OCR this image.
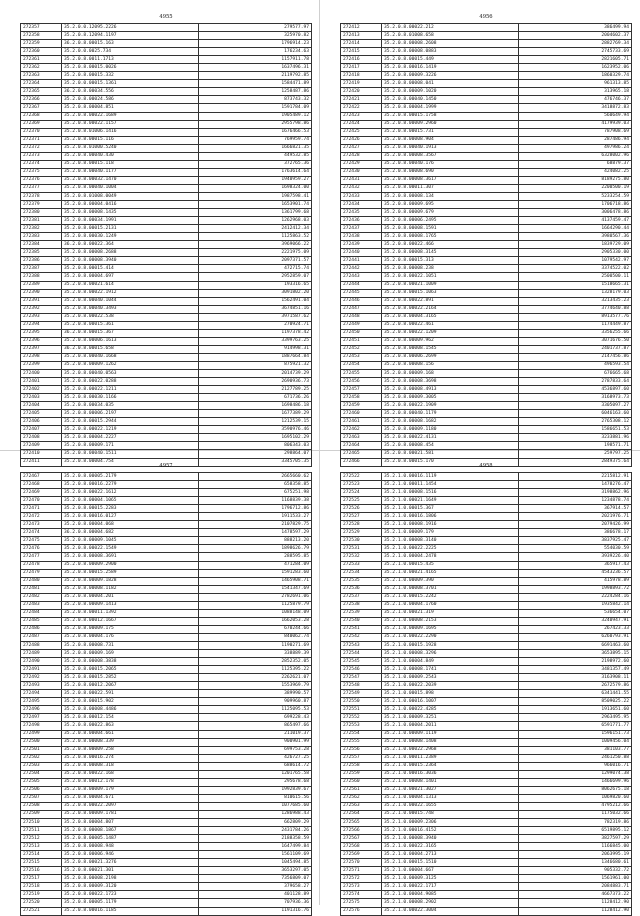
4955
272357	35.2.0.0.12095.2226	279577.97
272358	35.2.0.8.12094.1197	325970.82
272359	36.2.0.8.00015.163	1796914.23
272360	35.2.0.0.0025.734	176234.63
272361	35.2.0.8.0011.1713	1157911.78
272362	35.2.0.8.00015.0026	1637496.31
272363	35.2.0.8.00015.332	2119792.85
272364	35.2.0.0.00015.1361	1584471.89
272365	36.2.0.8.00034.556	1258487.86
272366	35.2.0.8.00024.586	873743.32
272367	35.2.0.8.00004.851	1591784.09
272368	35.2.0.8.00022.1689	1905489.12
272369	35.2.0.8.00022.1157	2955798.86
272370	35.2.0.8.01006.1416	1676466.53
272371	35.2.0.8.00015.116	769959.74
272372	35.2.0.8.01000.5240	1666821.35
272373	35.2.0.8.00040.430	449532.85
272374	35.2.0.8.00015.118	372765.36
272375	35.2.0.8.00040.1177	1763614.64
272376	35.2.0.8.00032.1470	1940959.27
272377	35.2.0.8.00040.1004	1698324.00
272378	35.2.0.8.01008.0049	1987598.41
272379	35.2.0.8.00004.0416	1653901.74
272380	35.2.0.8.00008.1435	1361799.68
272381	35.2.0.8.00034.1991	1262968.03
272382	35.2.0.8.00015.2131	2412412.34
272383	35.2.0.8.00030.1249	1125863.52
272384	36.2.0.8.00022.364	3969066.22
272385	35.2.0.8.00008.2688	2221975.09
272386	35.2.0.8.00008.3940	2097371.57
272387	35.2.0.8.00015.414	472715.74
272388	35.2.0.8.00004.697	2952859.07
272389	35.2.0.8.00021.614	193316.65
272390	35.2.0.8.00022.1912	3091802.20
272391	35.2.0.8.00040.1044	1562491.04
272392	35.2.0.8.00040.3493	3674851.16
272393	35.2.0.8.00022.538	3971587.62
272394	35.2.0.8.00015.361	270924.71
272395	36.2.0.8.00015.367	1197378.42
272396	35.2.0.8.00006.1613	3399763.25
272397	36.2.0.8.00015.658	914998.31
272398	35.2.0.8.00040.1668	1887664.84
272399	35.2.0.8.00009.1262	875921.32
272400	35.2.0.8.00040.0563	2014739.29
272401	35.2.0.8.00022.0288	2690936.73
272402	35.2.0.8.00022.1211	2127789.25
272403	35.2.0.8.00030.1166	671736.26
272404	35.2.0.8.00034.035	1698486.18
272405	35.2.0.8.00006.2197	1677389.29
272406	35.2.0.8.00015.2944	1212539.15
272407	35.2.0.8.00022.1219	3590976.46
272408	35.2.0.8.00004.2227	1695102.29
272409	35.2.0.8.00009.171	806343.03
272410	35.2.0.8.00040.1511	298864.07
272411	35.2.0.8.00004.754	3345705.35
4956
272412	35.2.0.8.00022.212	386499.94
272413	35.2.0.8.01008.658	2004602.37
272414	35.2.0.8.00008.2608	2882769.34
272415	35.2.0.8.00008.0883	2745733.69
272416	35.2.0.8.00015.449	2821605.71
272417	35.2.0.8.00016.1419	1623952.06
272418	35.2.0.8.00009.3226	1860329.74
272419	35.2.0.8.00008.041	961313.85
272420	35.2.0.8.00009.1020	313965.18
272421	35.2.0.8.00040.1450	476746.37
272422	35.2.0.8.00004.1999	3418872.83
272423	35.2.0.8.00015.1758	560649.94
272424	35.2.0.8.00009.2960	4179939.03
272425	35.2.0.8.00015.731	787908.69
272426	35.2.0.8.00008.904	287486.94
272427	35.2.0.8.00040.1913	497986.24
272428	35.2.0.8.00008.3567	6328002.96
272429	35.2.0.8.00040.176	68879.37
272430	35.2.0.8.00008.690	424082.25
272431	35.2.0.8.00008.3617	8189275.80
272432	35.2.0.8.00011.307	2200500.19
272433	35.2.0.8.00008.134	5233254.59
272434	35.2.0.8.00009.695	1706718.86
272435	35.2.0.8.00009.679	3006478.86
272436	35.2.0.8.00006.2495	4137459.47
272437	35.2.0.8.00008.1591	1664290.44
272438	35.2.0.8.00008.1765	3980567.36
272439	35.2.0.8.00022.466	1839729.09
272440	35.2.0.8.00008.3145	2905330.00
272441	35.2.0.8.00015.313	1079542.97
272442	35.2.0.8.00008.238	3374522.02
272443	35.2.0.8.00022.1051	2500500.11
272444	35.2.0.8.00021.1009	1518665.31
272445	35.2.0.8.00015.1063	1328179.03
272446	35.2.0.8.00022.891	3213435.23
272447	35.2.0.8.00022.2164	3774640.88
272448	35.2.0.8.00004.3165	8913577.76
272449	35.2.0.8.00022.461	1174449.87
272450	35.2.0.8.00022.1209	3356255.66
272451	35.2.0.8.00009.962	3071676.50
272452	35.2.0.8.00008.1545	2401737.87
272453	35.2.0.8.00006.2699	2147456.86
272454	35.2.0.8.00008.156	496593.54
272455	35.2.0.8.00009.168	676665.68
272456	35.2.0.8.00008.3698	2787833.64
272457	35.2.0.8.00008.4913	4536897.60
272458	35.2.0.8.00009.3005	3168973.73
272459	35.2.0.8.00022.1909	3305097.27
272460	35.2.0.8.00040.1179	6046163.60
272461	35.2.0.8.00008.1682	2765308.12
272462	35.2.0.8.00009.1180	1586651.53
272463	35.2.0.8.00022.4131	3233881.96
272464	35.2.0.8.00008.454	198571.71
272465	35.2.0.8.00021.581	259797.25
272466	35.2.0.8.00015.170	2849375.64
4957
272467	35.2.0.8.00005.2179	2665660.62
272468	35.2.0.8.00016.2279	658358.85
272469	35.2.0.8.00022.1612	675251.98
272470	35.2.0.8.00004.1065	1168839.38
272471	35.2.0.8.00015.2283	1796712.86
272472	35.2.0.8.00016.0127	1911533.27
272473	35.2.0.8.00004.068	2107829.75
272474	36.2.0.8.00004.682	1478597.29
272475	35.2.0.8.00009.1045	888213.20
272476	35.2.0.8.00022.1549	1898626.79
272477	35.2.0.8.00008.3691	288595.85
272478	35.2.0.8.00009.2900	471284.09
272479	35.2.0.8.00015.2589	1591283.60
272480	35.2.0.8.00009.1828	1465908.71
272481	35.2.0.8.00008.1182	1541347.69
272482	35.2.0.8.00004.201	2782691.06
272483	35.2.0.8.00009.1413	1125879.79
272484	35.2.0.8.00011.1392	1088148.09
272485	35.2.0.8.00012.1667	1662053.28
272486	35.2.0.8.00009.175	670244.66
272487	35.2.0.8.00004.176	840062.74
272488	35.2.0.8.00008.731	1190271.69
272489	35.2.0.8.00009.169	338889.39
272490	35.2.0.8.00008.3838	2852352.05
272491	35.2.0.8.00015.2065	1125395.22
272492	35.2.0.8.00015.2852	2262621.07
272493	35.2.0.8.00012.2067	1553969.79
272494	35.2.0.8.00022.591	389990.57
272495	35.2.0.8.00015.902	909960.87
272496	35.2.0.8.00008.4486	1125095.53
272497	35.2.0.8.00012.154	699228.43
272498	35.2.0.8.00022.863	865497.66
272499	35.2.0.8.00004.661	211019.37
272500	35.2.0.8.00008.339	900901.99
272501	35.2.0.8.00009.258	699753.28
272502	35.2.0.8.00016.274	426727.25
272503	35.2.0.8.00008.318	688614.72
272504	35.2.0.8.00022.168	1201765.58
272505	35.2.0.8.00012.178	295678.68
272506	35.2.0.8.00009.179	1992839.67
272507	35.2.0.8.00004.671	810615.56
272508	35.2.0.8.00022.2097	1077685.60
272509	35.2.0.8.00009.1781	1286988.43
272510	35.2.0.8.00004.807	662809.29
272511	35.2.0.8.00008.1867	2431784.26
272512	35.2.0.8.00005.1487	2188358.59
272513	35.2.0.8.00008.948	1647499.84
272514	35.2.0.8.00006.946	1561109.69
272515	35.2.0.8.00021.3276	1045494.85
272516	35.2.0.8.00021.301	3653297.05
272517	35.2.0.8.00008.2198	7356809.07
272518	35.2.0.8.00009.3120	379658.27
272519	35.2.0.8.00022.1723	401128.89
272520	35.2.0.8.00005.1179	707936.36
272521	35.2.0.8.00016.1185	1191316.76
4958
272522	35.2.1.0.00016.1119	2215812.91
272523	35.2.1.0.00011.1454	1478276.47
272524	35.2.1.0.00008.1516	3198862.96
272525	35.2.1.0.00021.1649	1234878.74
272526	35.2.1.0.00015.367	367914.57
272527	35.2.1.0.00016.1806	2021976.71
272528	35.2.1.0.00008.1916	2079426.99
272529	35.2.1.0.00009.179	386678.17
272530	35.2.1.0.00008.3140	3837925.47
272531	35.2.1.0.00022.2225	554030.59
272532	35.2.1.0.00004.2478	3939226.40
272533	35.2.1.0.00015.435	365917.43
272534	35.2.1.0.00021.4165	4543236.57
272535	35.2.1.0.00009.390	415978.89
272536	35.2.1.0.00008.3701	1998893.72
272537	35.2.1.0.00015.2242	2224284.16
272538	35.2.1.0.00004.1760	1935842.14
272539	35.2.1.0.00021.319	536654.07
272540	35.2.1.0.00008.2153	3240947.91
272541	35.2.1.0.00009.1695	267423.33
272542	35.2.1.0.00022.2290	6260793.91
272543	35.2.1.0.00015.1928	6691463.60
272544	35.2.1.0.00008.3296	3653895.15
272545	35.2.1.0.00004.849	2198972.60
272546	35.2.1.0.00008.1741	3481357.49
272547	35.2.1.0.00009.2543	3163908.11
272548	35.2.1.0.00022.2039	2672579.86
272549	35.2.1.0.00015.898	6341441.55
272550	35.2.1.0.00016.1007	8509025.22
272551	35.2.1.0.00022.4285	1913651.60
272552	35.2.1.0.00009.3251	2963495.95
272553	35.2.1.0.00004.2011	6591771.77
272554	35.2.1.0.00009.1119	1596151.73
272555	35.2.1.0.00008.1408	1009456.04
272556	35.2.1.0.00022.2968	381103.77
272557	35.2.1.0.00011.2389	2461250.88
272558	35.2.1.0.00015.2364	966016.71
272559	35.2.1.0.00016.3036	1299074.38
272560	35.2.1.0.00008.1401	1466699.96
272561	35.2.1.0.00021.3027	8062675.18
272562	35.2.1.0.00004.1313	1069820.60
272563	35.2.1.0.00022.1655	4795212.66
272564	35.2.1.0.00015.748	1175032.66
272565	35.2.1.0.00009.2306	782319.86
272566	35.2.1.0.00016.4152	6519895.12
272567	35.2.1.0.00008.3940	3827597.29
272568	35.2.1.0.00022.3165	1166845.00
272569	35.2.1.0.00004.2713	2063995.19
272570	35.2.1.0.00015.1510	1346680.61
272571	35.2.1.0.00004.667	905332.72
272572	35.2.1.0.00009.3125	1561961.00
272573	35.2.1.0.00022.1717	2084883.71
272574	35.2.1.0.00004.9085	4667373.22
272575	35.2.1.0.00008.2902	1128412.90
272576	35.2.1.0.00022.3004	1128412.90
